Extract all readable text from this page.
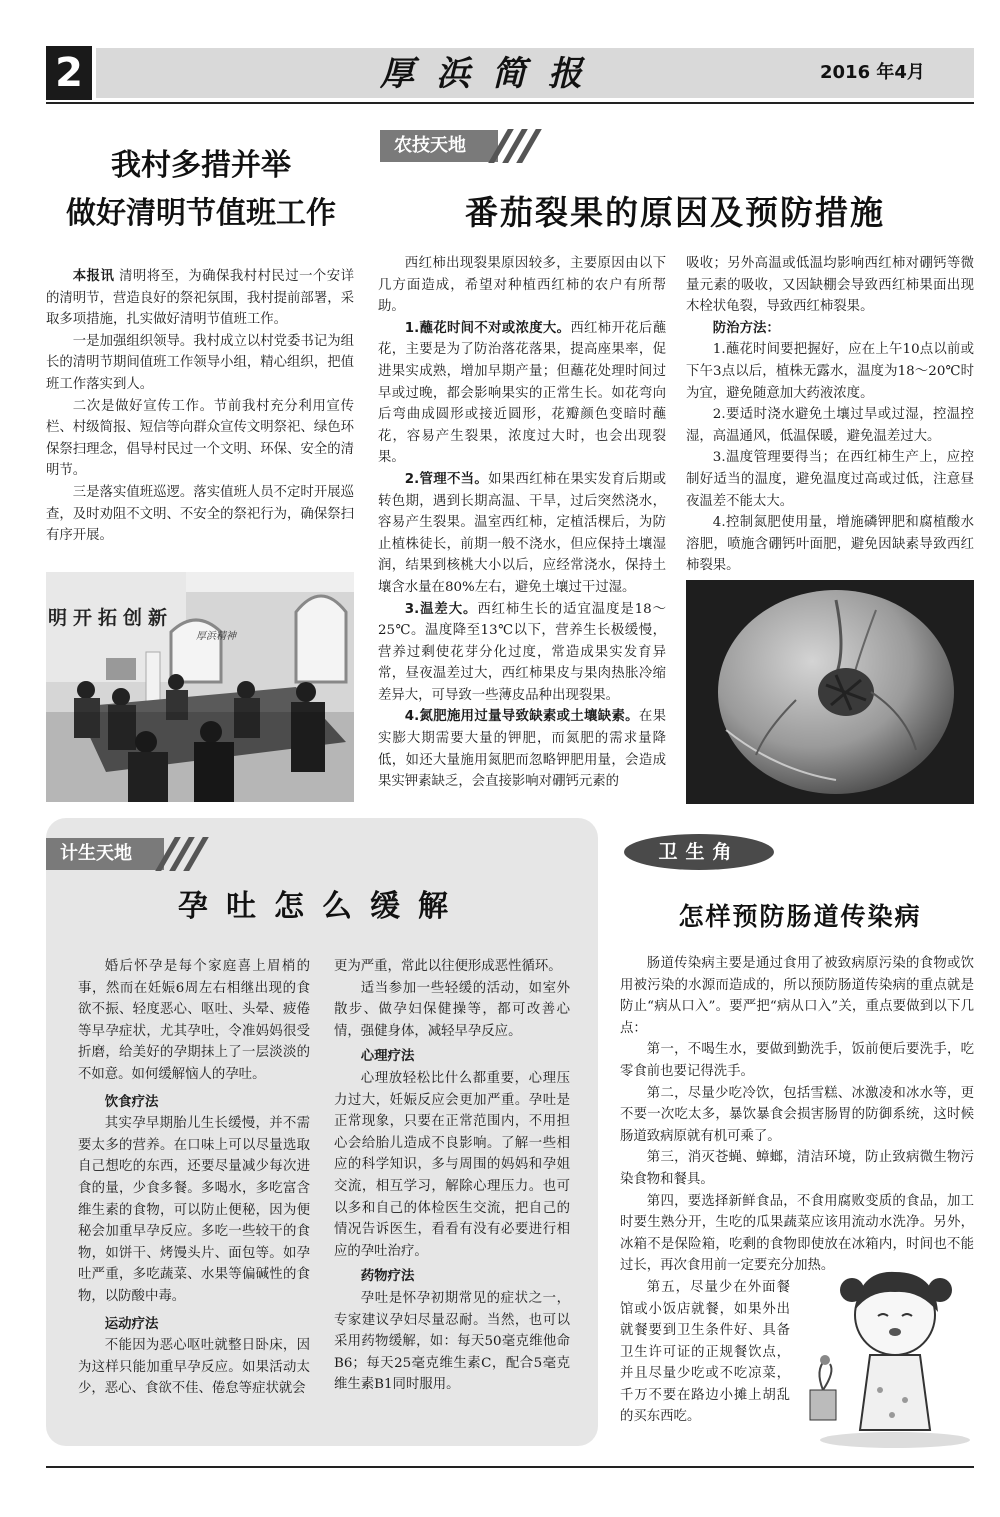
2	厚浜简报	2016 年4月
我村多措并举
做好清明节值班工作

本报讯 清明将至，为确保我村村民过一个安详的清明节，营造良好的祭祀氛围，我村提前部署，采取多项措施，扎实做好清明节值班工作。

一是加强组织领导。我村成立以村党委书记为组长的清明节期间值班工作领导小组，精心组织，把值班工作落实到人。

二次是做好宣传工作。节前我村充分利用宣传栏、村级简报、短信等向群众宣传文明祭祀、绿色环保祭扫理念，倡导村民过一个文明、环保、安全的清明节。

三是落实值班巡逻。落实值班人员不定时开展巡查，及时劝阻不文明、不安全的祭祀行为，确保祭扫有序开展。

明开拓创新
厚浜精神
农技天地
番茄裂果的原因及预防措施

西红柿出现裂果原因较多，主要原因由以下几方面造成，希望对种植西红柿的农户有所帮助。

1.蘸花时间不对或浓度大。西红柿开花后蘸花，主要是为了防治落花落果，提高座果率，促进果实成熟，增加早期产量；但蘸花处理时间过早或过晚，都会影响果实的正常生长。如花弯向后弯曲成圆形或接近圆形，花瓣颜色变暗时蘸花，容易产生裂果，浓度过大时，也会出现裂果。

2.管理不当。如果西红柿在果实发育后期或转色期，遇到长期高温、干旱，过后突然浇水，容易产生裂果。温室西红柿，定植活棵后，为防止植株徒长，前期一般不浇水，但应保持土壤湿润，结果到核桃大小以后，应经常浇水，保持土壤含水量在80%左右，避免土壤过干过湿。

3.温差大。西红柿生长的适宜温度是18～25℃。温度降至13℃以下，营养生长极缓慢，营养过剩使花芽分化过度，常造成果实发育异常，昼夜温差过大，西红柿果皮与果肉热胀冷缩差异大，可导致一些薄皮品种出现裂果。

4.氮肥施用过量导致缺素或土壤缺素。在果实膨大期需要大量的钾肥，而氮肥的需求量降低，如还大量施用氮肥而忽略钾肥用量，会造成果实钾素缺乏，会直接影响对硼钙元素的

吸收；另外高温或低温均影响西红柿对硼钙等微量元素的吸收，又因缺棚会导致西红柿果面出现木栓状龟裂，导致西红柿裂果。

防治方法：

1.蘸花时间要把握好，应在上午10点以前或下午3点以后，植株无露水，温度为18～20℃时为宜，避免随意加大药液浓度。

2.要适时浇水避免土壤过旱或过湿，控温控湿，高温通风，低温保暖，避免温差过大。

3.温度管理要得当；在西红柿生产上，应控制好适当的温度，避免温度过高或过低，注意昼夜温差不能太大。

4.控制氮肥使用量，增施磷钾肥和腐植酸水溶肥，喷施含硼钙叶面肥，避免因缺素导致西红柿裂果。

计生天地
孕吐怎么缓解

婚后怀孕是每个家庭喜上眉梢的事，然而在妊娠6周左右相继出现的食欲不振、轻度恶心、呕吐、头晕、疲倦等早孕症状，尤其孕吐，令准妈妈很受折磨，给美好的孕期抹上了一层淡淡的不如意。如何缓解恼人的孕吐。

饮食疗法

其实孕早期胎儿生长缓慢，并不需要太多的营养。在口味上可以尽量选取自己想吃的东西，还要尽量减少每次进食的量，少食多餐。多喝水，多吃富含维生素的食物，可以防止便秘，因为便秘会加重早孕反应。多吃一些较干的食物，如饼干、烤馒头片、面包等。如孕吐严重，多吃蔬菜、水果等偏碱性的食物，以防酸中毒。

运动疗法

不能因为恶心呕吐就整日卧床，因为这样只能加重早孕反应。如果活动太少，恶心、食欲不佳、倦怠等症状就会

更为严重，常此以往便形成恶性循环。

适当参加一些轻缓的活动，如室外散步、做孕妇保健操等，都可改善心情，强健身体，减轻早孕反应。

心理疗法

心理放轻松比什么都重要，心理压力过大，妊娠反应会更加严重。孕吐是正常现象，只要在正常范围内，不用担心会给胎儿造成不良影响。了解一些相应的科学知识，多与周围的妈妈和孕姐交流，相互学习，解除心理压力。也可以多和自己的体检医生交流，把自己的情况告诉医生，看看有没有必要进行相应的孕吐治疗。

药物疗法

孕吐是怀孕初期常见的症状之一，专家建议孕妇尽量忍耐。当然，也可以采用药物缓解，如：每天50毫克维他命B6；每天25毫克维生素C，配合5毫克维生素B1同时服用。

卫生角
怎样预防肠道传染病

肠道传染病主要是通过食用了被致病原污染的食物或饮用被污染的水源而造成的，所以预防肠道传染病的重点就是防止“病从口入”。要严把“病从口入”关，重点要做到以下几点：

第一，不喝生水，要做到勤洗手，饭前便后要洗手，吃零食前也要记得洗手。

第二，尽量少吃冷饮，包括雪糕、冰激凌和冰水等，更不要一次吃太多，暴饮暴食会损害肠胃的防御系统，这时候肠道致病原就有机可乘了。

第三，消灭苍蝇、蟑螂，清洁环境，防止致病微生物污染食物和餐具。

第四，要选择新鲜食品，不食用腐败变质的食品，加工时要生熟分开，生吃的瓜果蔬菜应该用流动水洗净。另外，冰箱不是保险箱，吃剩的食物即使放在冰箱内，时间也不能过长，再次食用前一定要充分加热。

第五，尽量少在外面餐馆或小饭店就餐，如果外出就餐要到卫生条件好、具备卫生许可证的正规餐饮点，并且尽量少吃或不吃凉菜，千万不要在路边小摊上胡乱的买东西吃。
